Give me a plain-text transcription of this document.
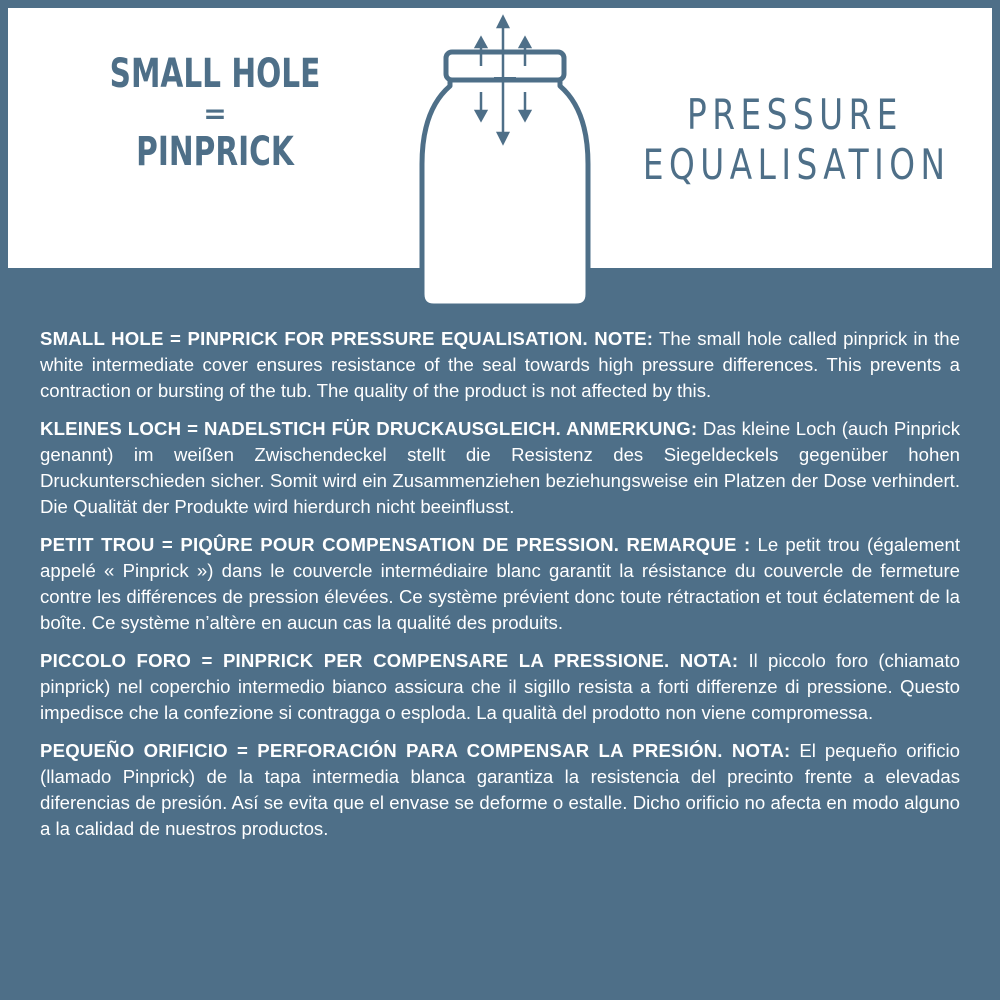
SMALL HOLE
=
PINPRICK
PRESSURE
EQUALISATION

SMALL HOLE = PINPRICK FOR PRESSURE EQUALISATION. NOTE: The small hole called pinprick in the white intermediate cover ensures resistance of the seal towards high pressure differences. This prevents a contraction or bursting of the tub. The quality of the product is not affected by this.

KLEINES LOCH = NADELSTICH FÜR DRUCKAUSGLEICH. ANMERKUNG: Das kleine Loch (auch Pinprick genannt) im weißen Zwischendeckel stellt die Resistenz des Siegeldeckels gegenüber hohen Druckunterschieden sicher. Somit wird ein Zusammenziehen beziehungsweise ein Platzen der Dose verhindert. Die Qualität der Produkte wird hierdurch nicht beeinflusst.

PETIT TROU = PIQÛRE POUR COMPENSATION DE PRESSION. REMARQUE : Le petit trou (également appelé « Pinprick ») dans le couvercle intermédiaire blanc garantit la résistance du couvercle de fermeture contre les différences de pression élevées. Ce système prévient donc toute rétractation et tout éclatement de la boîte. Ce système n’altère en aucun cas la qualité des produits.

PICCOLO FORO = PINPRICK PER COMPENSARE LA PRESSIONE. NOTA: Il piccolo foro (chiamato pinprick) nel coperchio intermedio bianco assicura che il sigillo resista a forti differenze di pressione. Questo impedisce che la confezione si contragga o esploda. La qualità del prodotto non viene compromessa.

PEQUEÑO ORIFICIO = PERFORACIÓN PARA COMPENSAR LA PRESIÓN. NOTA: El pequeño orificio (llamado Pinprick) de la tapa intermedia blanca garantiza la resistencia del precinto frente a elevadas diferencias de presión. Así se evita que el envase se deforme o estalle. Dicho orificio no afecta en modo alguno a la calidad de nuestros productos.
